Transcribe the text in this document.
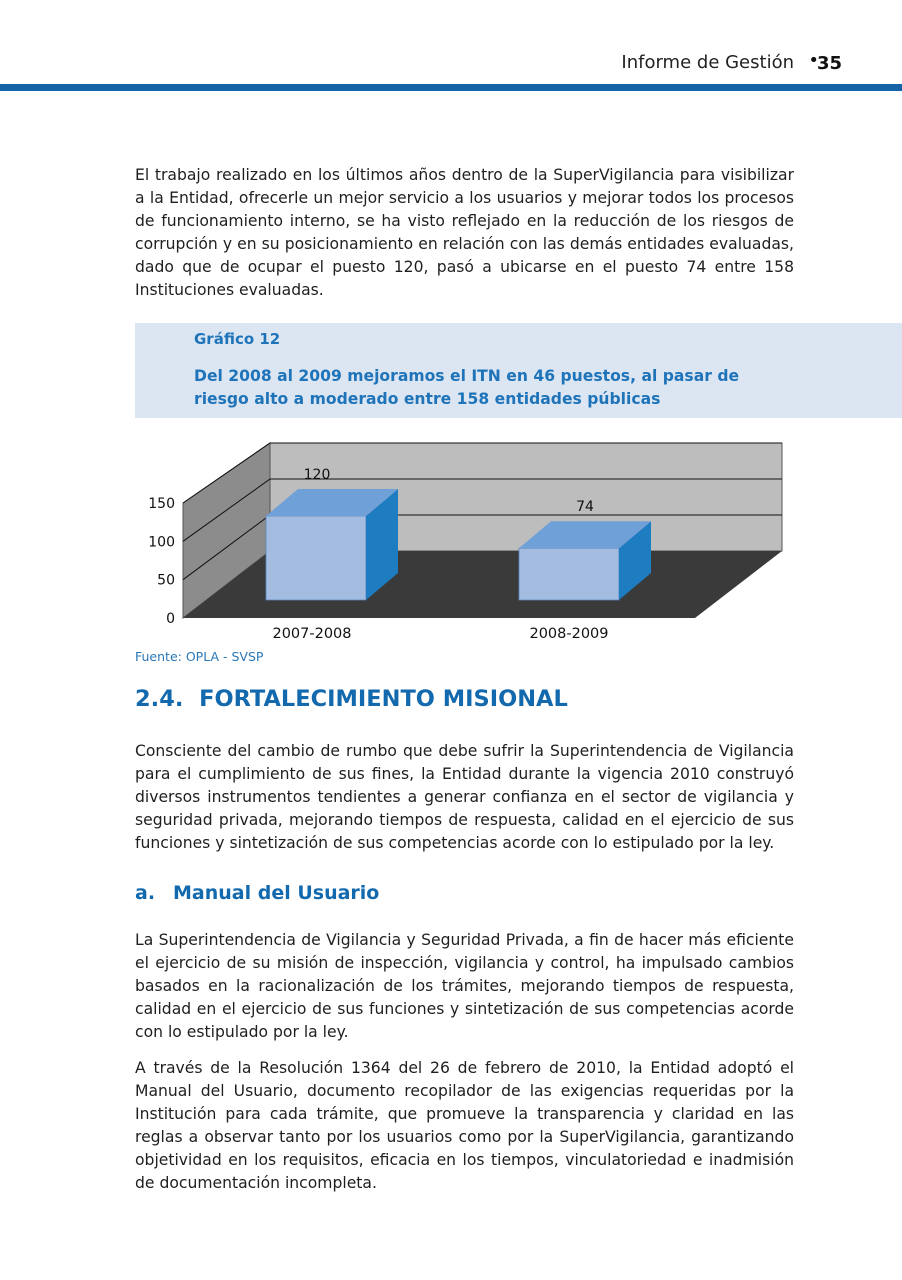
Informe de Gestión •
35

El trabajo realizado en los últimos años dentro de la SuperVigilancia para visibilizar a la Entidad, ofrecerle un mejor servicio a los usuarios y mejorar todos los procesos de funcionamiento interno, se ha visto reflejado en la reducción de los riesgos de corrupción y en su posicionamiento en relación con las demás entidades evaluadas, dado que de ocupar el puesto 120, pasó a ubicarse en el puesto 74 entre 158 Instituciones evaluadas.

Gráfico 12

Del 2008 al 2009 mejoramos el ITN en 46 puestos, al pasar de riesgo alto a moderado entre 158 entidades públicas

0
50
100
150
120
2007-2008
74
2008-2009
Fuente: OPLA - SVSP
2.4. FORTALECIMIENTO MISIONAL

Consciente del cambio de rumbo que debe sufrir la Superintendencia de Vigilancia para el cumplimiento de sus fines, la Entidad durante la vigencia 2010 construyó diversos instrumentos tendientes a generar confianza en el sector de vigilancia y seguridad privada, mejorando tiempos de respuesta, calidad en el ejercicio de sus funciones y sintetización de sus competencias acorde con lo estipulado por la ley.

a. Manual del Usuario

La Superintendencia de Vigilancia y Seguridad Privada, a fin de hacer más eficiente el ejercicio de su misión de inspección, vigilancia y control, ha impulsado cambios basados en la racionalización de los trámites, mejorando tiempos de respuesta, calidad en el ejercicio de sus funciones y sintetización de sus competencias acorde con lo estipulado por la ley.

A través de la Resolución 1364 del 26 de febrero de 2010, la Entidad adoptó el Manual del Usuario, documento recopilador de las exigencias requeridas por la Institución para cada trámite, que promueve la transparencia y claridad en las reglas a observar tanto por los usuarios como por la SuperVigilancia, garantizando objetividad en los requisitos, eficacia en los tiempos, vinculatoriedad e inadmisión de documentación incompleta.
